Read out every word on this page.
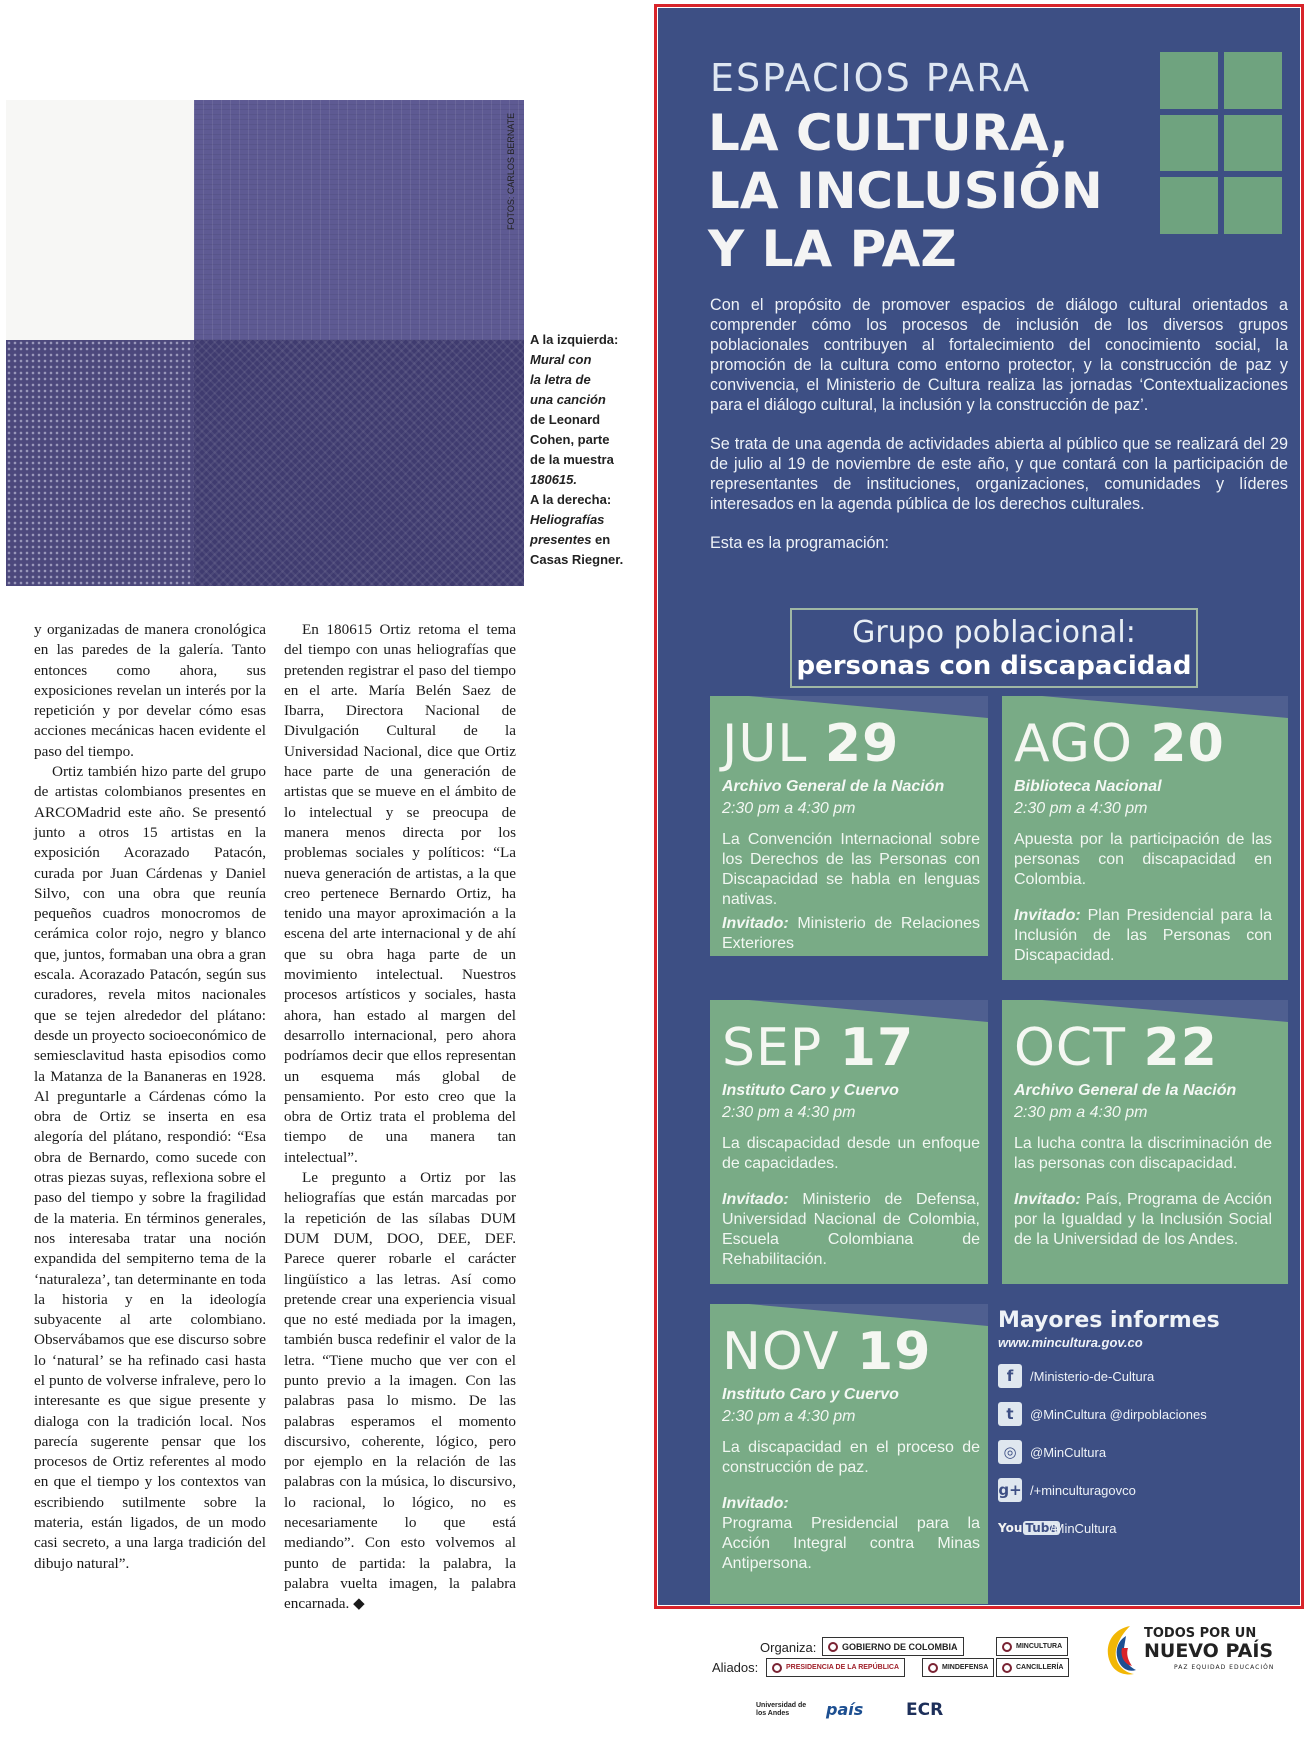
FOTOS: CARLOS BERNATE
A la izquierda:
Mural con
la letra de
una canción
de Leonard
Cohen, parte
de la muestra
180615.
A la derecha:
Heliografías
presentes en
Casas Riegner.

y organizadas de manera cronológica en las paredes de la galería. Tanto entonces como ahora, sus exposiciones revelan un interés por la repetición y por develar cómo esas acciones mecánicas hacen evidente el paso del tiempo.

Ortiz también hizo parte del grupo de artistas colombianos presentes en ARCOMadrid este año. Se presentó junto a otros 15 artistas en la exposición Acorazado Patacón, curada por Juan Cárdenas y Daniel Silvo, con una obra que reunía pequeños cuadros monocromos de cerámica color rojo, negro y blanco que, juntos, formaban una obra a gran escala. Acorazado Patacón, según sus curadores, revela mitos nacionales que se tejen alrededor del plátano: desde un proyecto socioeconómico de semiesclavitud hasta episodios como la Matanza de la Bananeras en 1928. Al preguntarle a Cárdenas cómo la obra de Ortiz se inserta en esa alegoría del plátano, respondió: “Esa obra de Bernardo, como sucede con otras piezas suyas, reflexiona sobre el paso del tiempo y sobre la fragilidad de la materia. En términos generales, nos interesaba tratar una noción expandida del sempiterno tema de la ‘naturaleza’, tan determinante en toda la historia y en la ideología subyacente al arte colombiano. Observábamos que ese discurso sobre lo ‘natural’ se ha refinado casi hasta el punto de volverse infraleve, pero lo interesante es que sigue presente y dialoga con la tradición local. Nos parecía sugerente pensar que los procesos de Ortiz referentes al modo en que el tiempo y los contextos van escribiendo sutilmente sobre la materia, están ligados, de un modo casi secreto, a una larga tradición del dibujo natural”.

En 180615 Ortiz retoma el tema del tiempo con unas heliografías que pretenden registrar el paso del tiempo en el arte. María Belén Saez de Ibarra, Directora Nacional de Divulgación Cultural de la Universidad Nacional, dice que Ortiz hace parte de una generación de artistas que se mueve en el ámbito de lo intelectual y se preocupa de manera menos directa por los problemas sociales y políticos: “La nueva generación de artistas, a la que creo pertenece Bernardo Ortiz, ha tenido una mayor aproximación a la escena del arte internacional y de ahí que su obra haga parte de un movimiento intelectual. Nuestros procesos artísticos y sociales, hasta ahora, han estado al margen del desarrollo internacional, pero ahora podríamos decir que ellos representan un esquema más global de pensamiento. Por esto creo que la obra de Ortiz trata el problema del tiempo de una manera tan intelectual”.

Le pregunto a Ortiz por las heliografías que están marcadas por la repetición de las sílabas DUM DUM DUM, DOO, DEE, DEF. Parece querer robarle el carácter lingüístico a las letras. Así como pretende crear una experiencia visual que no esté mediada por la imagen, también busca redefinir el valor de la letra. “Tiene mucho que ver con el punto previo a la imagen. Con las palabras pasa lo mismo. De las palabras esperamos el momento discursivo, coherente, lógico, pero por ejemplo en la relación de las palabras con la música, lo discursivo, lo racional, lo lógico, no es necesariamente lo que está mediando”. Con esto volvemos al punto de partida: la palabra, la palabra vuelta imagen, la palabra encarnada. ◆

ESPACIOS PARA
LA CULTURA, LA INCLUSIÓN Y LA PAZ

Con el propósito de promover espacios de diálogo cultural orientados a comprender cómo los procesos de inclusión de los diversos grupos poblacionales contribuyen al fortalecimiento del conocimiento social, la promoción de la cultura como entorno protector, y la construcción de paz y convivencia, el Ministerio de Cultura realiza las jornadas ‘Contextualizaciones para el diálogo cultural, la inclusión y la construcción de paz’.

Se trata de una agenda de actividades abierta al público que se realizará del 29 de julio al 19 de noviembre de este año, y que contará con la participación de representantes de instituciones, organizaciones, comunidades y líderes interesados en la agenda pública de los derechos culturales.

Esta es la programación:

Grupo poblacional:
personas con discapacidad
JUL 29
Archivo General de la Nación
2:30 pm a 4:30 pm
La Convención Internacional sobre los Derechos de las Personas con Discapacidad se habla en lenguas nativas.
Invitado: Ministerio de Relaciones Exteriores
AGO 20
Biblioteca Nacional
2:30 pm a 4:30 pm
Apuesta por la participación de las personas con discapacidad en Colombia.
Invitado: Plan Presidencial para la Inclusión de las Personas con Discapacidad.
SEP 17
Instituto Caro y Cuervo
2:30 pm a 4:30 pm
La discapacidad desde un enfoque de capacidades.
Invitado: Ministerio de Defensa, Universidad Nacional de Colombia, Escuela Colombiana de Rehabilitación.
OCT 22
Archivo General de la Nación
2:30 pm a 4:30 pm
La lucha contra la discriminación de las personas con discapacidad.
Invitado: País, Programa de Acción por la Igualdad y la Inclusión Social de la Universidad de los Andes.
NOV 19
Instituto Caro y Cuervo
2:30 pm a 4:30 pm
La discapacidad en el proceso de construcción de paz.
Invitado:
Programa Presidencial para la Acción Integral contra Minas Antipersona.
Mayores informes
www.mincultura.gov.co
f	/Ministerio-de-Cultura
t	@MinCultura @dirpoblaciones
◎	@MinCultura
g+ /+minculturagovco
You Tube
/MinCultura
Organiza:	GOBIERNO DE COLOMBIA	MINCULTURA
Aliados:	PRESIDENCIA DE LA REPÚBLICA	MINDEFENSA	CANCILLERÍA
TODOS POR UN
NUEVO PAÍS
PAZ EQUIDAD EDUCACIÓN
Universidad de los Andes	país	ECR
